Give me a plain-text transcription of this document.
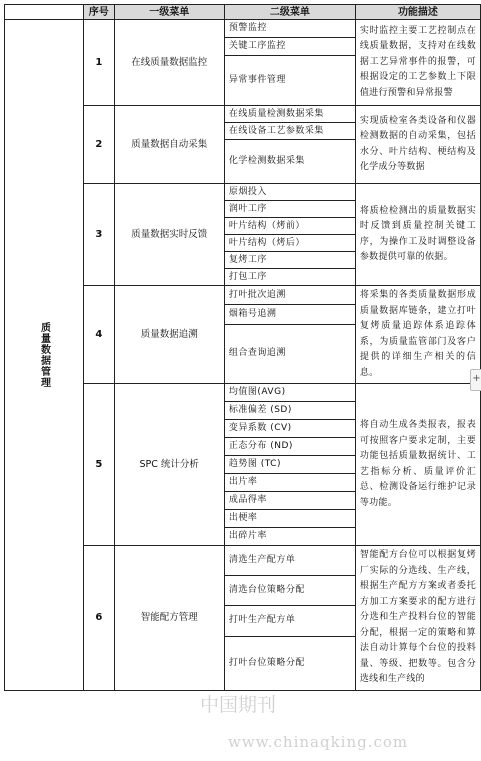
	序号	一级菜单	二级菜单	功能描述

质量数据管理	1	在线质量数据监控	预警监控	实时监控主要工艺控制点在线质量数据，支持对在线数据工艺异常事件的报警，可根据设定的工艺参数上下限值进行预警和异常报警
			关键工序监控	
			异常事件管理	
	2	质量数据自动采集	在线质量检测数据采集	实现质检室各类设备和仪器检测数据的自动采集，包括水分、叶片结构、梗结构及化学成分等数据
			在线设备工艺参数采集	
			化学检测数据采集	
	3	质量数据实时反馈	原烟投入	将质检检测出的质量数据实时反馈到质量控制关键工序，为操作工及时调整设备参数提供可靠的依据。
			润叶工序	
			叶片结构（烤前）	
			叶片结构（烤后）	
			复烤工序	
			打包工序	
	4	质量数据追溯	打叶批次追溯	将采集的各类质量数据形成质量数据库链条，建立打叶复烤质量追踪体系追踪体系，为质量监管部门及客户提供的详细生产相关的信息。
			烟箱号追溯	
			组合查询追溯	
	5	SPC 统计分析	均值图(AVG)	将自动生成各类报表，报表可按照客户要求定制，主要功能包括质量数据统计、工艺指标分析、质量评价汇总、检测设备运行维护记录等功能。
			标准偏差 (SD)	
			变异系数 (CV)	
			正态分布 (ND)	
			趋势图 (TC)	
			出片率	
			成品得率	
			出梗率	
			出碎片率	
	6	智能配方管理	清选生产配方单	智能配方台位可以根据复烤厂实际的分选线、生产线，根据生产配方方案或者委托方加工方案要求的配方进行分选和生产投料台位的智能分配，根据一定的策略和算法自动计算每个台位的投料量、等级、把数等。包含分选线和生产线的
			清选台位策略分配	
			打叶生产配方单	
			打叶台位策略分配	
中国期刊
www.chinaqking.com
+
